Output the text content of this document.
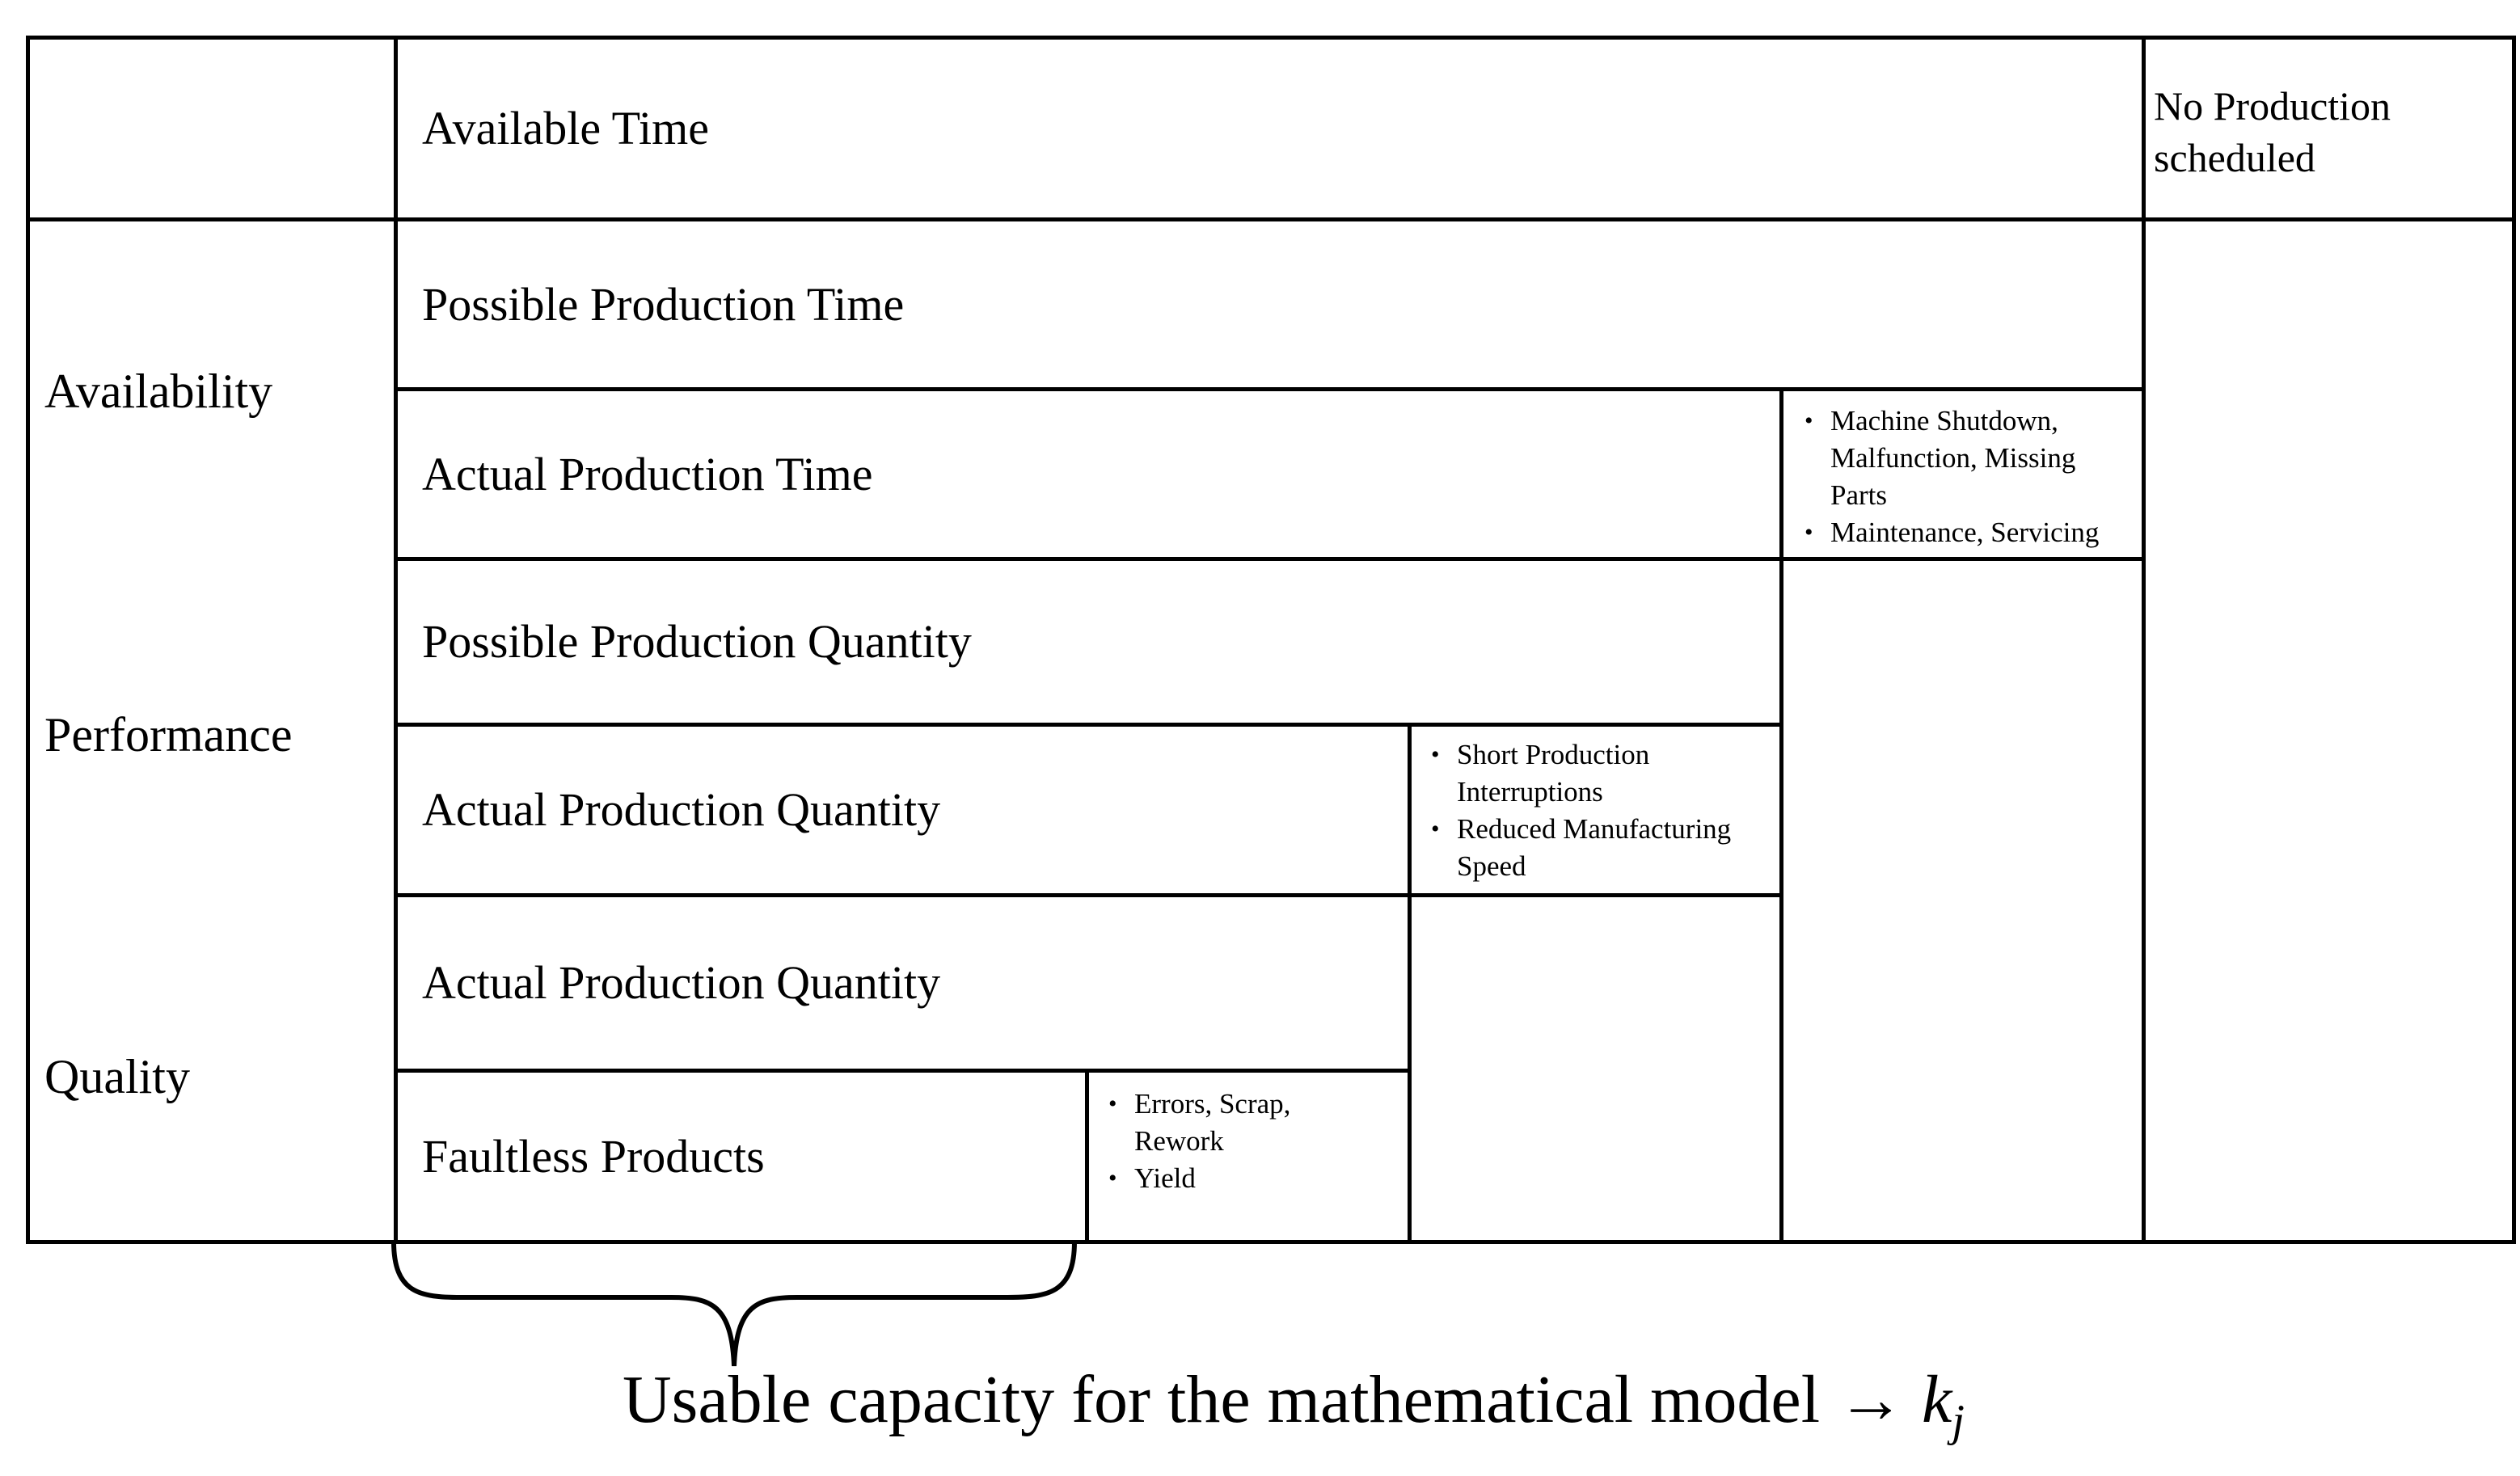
Available Time	No Production
scheduled
Availability
Performance
Quality
Possible Production Time
Actual Production Time
• Machine Shutdown,
Malfunction, Missing
Parts
• Maintenance, Servicing
Possible Production Quantity
Actual Production Quantity
• Short Production
Interruptions
• Reduced Manufacturing
Speed
Actual Production Quantity
Faultless Products
• Errors, Scrap,
Rework
• Yield
Usable capacity for the mathematical model → $k_j$
